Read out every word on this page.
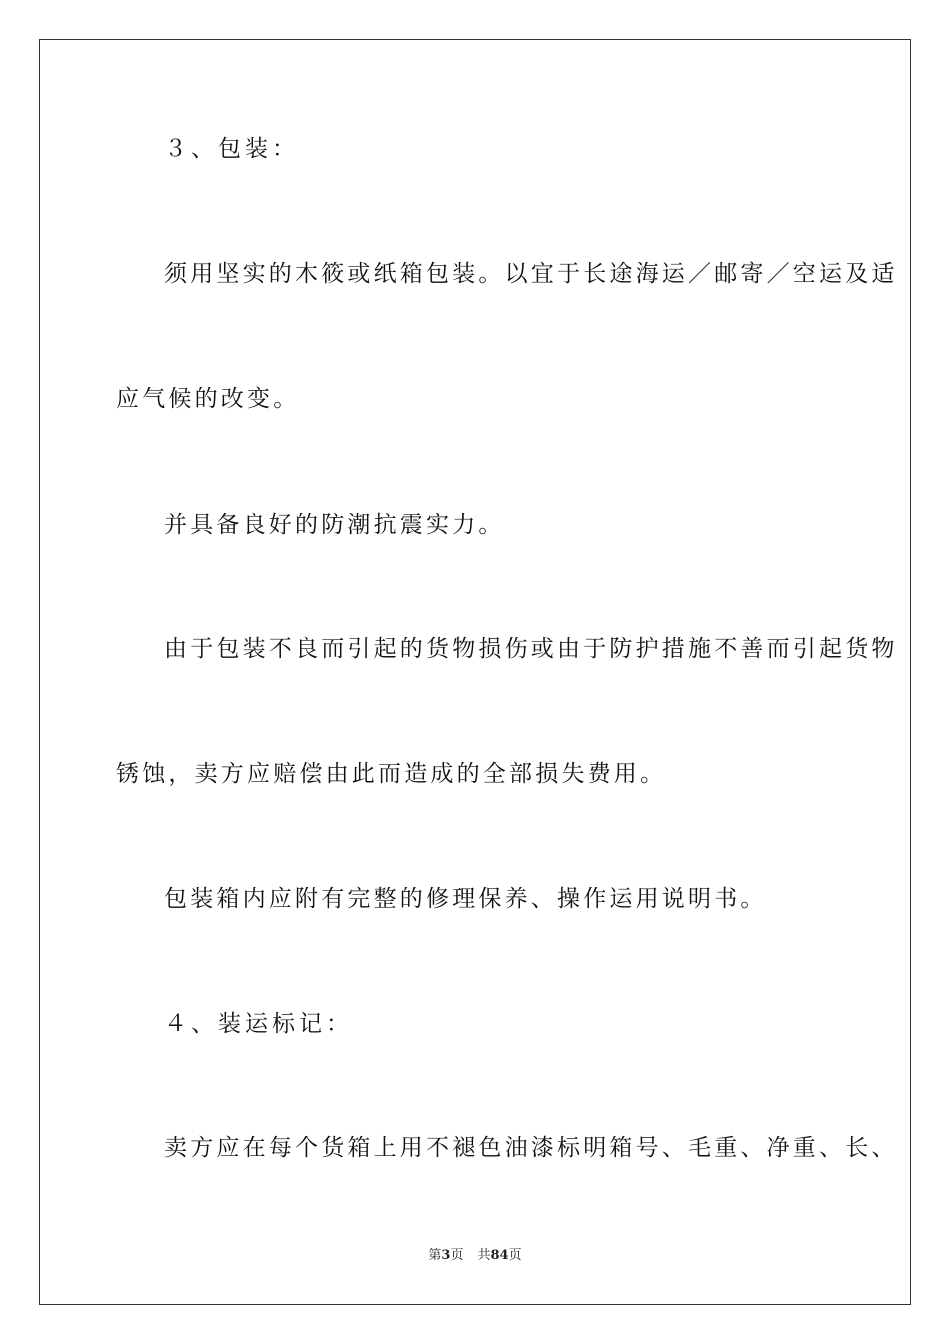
３、包装：
须用坚实的木筱或纸箱包装。以宜于长途海运／邮寄／空运及适
应气候的改变。
并具备良好的防潮抗震实力。
由于包装不良而引起的货物损伤或由于防护措施不善而引起货物
锈蚀，卖方应赔偿由此而造成的全部损失费用。
包装箱内应附有完整的修理保养、操作运用说明书。
４、装运标记：
卖方应在每个货箱上用不褪色油漆标明箱号、毛重、净重、长、
第3页 共84页
